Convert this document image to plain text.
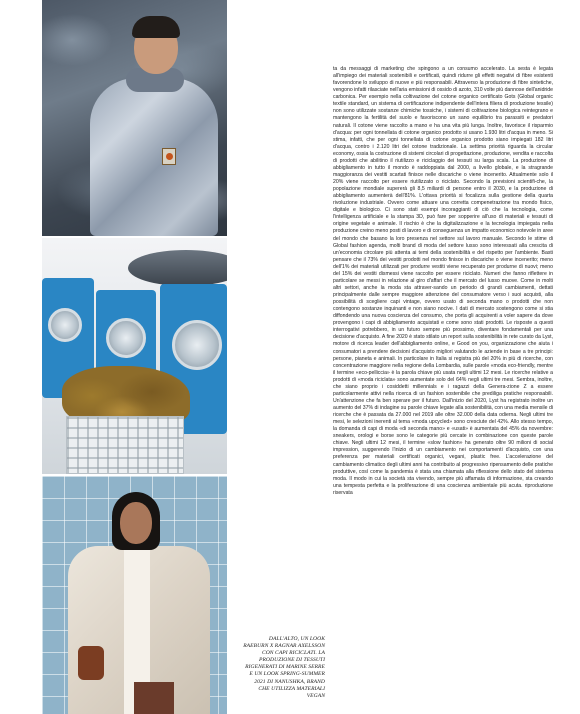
DALL'ALTO, UN LOOK RAEBURN X RAGNAR AXELSSON CON CAPI RICICLATI. LA PRODUZIONE DI TESSUTI RIGENERATI DI MARINE SERRE E UN LOOK SPRING-SUMMER 2021 DI NANUSHKA, BRAND CHE UTILIZZA MATERIALI VEGAN
ta da messaggi di marketing che spingono a un consumo accelerato. La sesta è legata all'impiego dei materiali sostenibili e certificati, quindi ridurre gli effetti negativi di fibre esistenti favorendone lo sviluppo di nuove e più responsabili. Attraverso la produzione di fibre sintetiche, vengono infatti rilasciate nell'aria emissioni di ossido di azoto, 310 volte più dannose dell'anidride carbonica. Per esempio nella coltivazione del cotone organico certificato Gots (Global organic textile standard, un sistema di certificazione indipendente dell'intera filiera di produzione tessile) non sono utilizzate sostanze chimiche tossiche, i sistemi di coltivazione biologica reintegrano e mantengono la fertilità del suolo e favoriscono un sano equilibrio tra parassiti e predatori naturali. Il cotone viene raccolto a mano e ha una vita più lunga. Inoltre, favorisce il risparmio d'acqua: per ogni tonnellata di cotone organico prodotto si usano 1.930 litri d'acqua in meno. Si stima, infatti, che per ogni tonnellata di cotone organico prodotto siano impiegati 182 litri d'acqua, contro i 2.120 litri del cotone tradizionale. La settima priorità riguarda la circular economy, ossia la costruzione di sistemi circolari di progettazione, produzione, vendita e raccolta di prodotti che abilitino il riutilizzo e riciclaggio dei tessuti su larga scala. La produzione di abbigliamento in tutto il mondo è raddoppiata dal 2000, a livello globale, e la stragrande maggioranza dei vestiti scartati finisce nelle discariche o viene incenerito. Attualmente solo il 20% viene raccolto per essere riutilizzato o riciclato. Secondo la previsioni scientifi-che, la popolazione mondiale supererà gli 8,5 miliardi di persone entro il 2030, e la produzione di abbigliamento aumenterà dell'81%. L'ottava priorità si focalizza sulla gestione della quarta rivoluzione industriale. Ovvero come attuare una corretta compenetrazione tra mondo fisico, digitale e biologico. Ci sono stati esempi incoraggianti di ciò che la tecnologia, come l'intelligenza artificiale e la stampa 3D, può fare per sopperire all'uso di materiali e tessuti di origine vegetale e animale. Il rischio è che la digitalizzazione e la tecnologia impiegata nella produzione creino meno posti di lavoro e di conseguenza un impatto economico notevole in aree del mondo che basano la loro presenza nel settore sul lavoro manuale. Secondo le stime di Global fashion agenda, molti brand di moda del settore lusso sono interessati alla crescita di un'economia circolare più attenta ai temi della sostenibilità e del rispetto per l'ambiente. Basti pensare che il 73% dei vestiti prodotti nel mondo finisce in discariche o viene incenerito; meno dell'1% dei materiali utilizzati per produrre vestiti viene recuperato per produrne di nuovi; meno del 15% dei vestiti dismessi viene raccolto per essere riciclato. Numeri che fanno riflettere in particolare se messi in relazione al giro d'affari che il mercato del lusso muove. Come in molti altri settori, anche la moda sta attraver-sando un periodo di grandi cambiamenti, dettati principalmente dalle sempre maggiore attenzione del consumatore verso i suoi acquisti, alla possibilità di scegliere capi vintage, ovvero usato di seconda mano o prodotti che non contengono sostanze inquinanti e non siano nocive. I dati di mercato sostengono come si stia diffondendo una nuova coscienza del consumo, che porta gli acquirenti a voler sapere da dove provengono i capi di abbigliamento acquistati e come sono stati prodotti. Le risposte a questi interrogativi potrebbero, in un futuro sempre più prossimo, diventare fondamentali per una decisione d'acquisto. A fine 2020 è stato stilato un report sulla sostenibilità in rete curato da Lyst, motore di ricerca leader dell'abbigliamento online, e Good on you, organizzazione che aiuta i consumatori a prendere decisioni d'acquisto migliori valutando le aziende in base a tre principi: persone, pianeta e animali. In particolare in Italia si registra più del 20% in più di ricerche, con concentrazione maggiore nella regione della Lombardia, sulle parole «moda eco-friendly, mentre il termine «eco-pelliccia» è la parola chiave più usata negli ultimi 12 mesi. Le ricerche relative a prodotti di «moda riciclata» sono aumentate solo del 64% negli ultimi tre mesi. Sembra, inoltre, che siano proprio i cosiddetti millennials e i ragazzi della Genera-zione Z a essere particolarmente attivi nella ricerca di un fashion sostenibile che prediliga pratiche responsabili. Un'attenzione che fa ben sperare per il futuro. Dall'inizio del 2020, Lyst ha registrato inoltre un aumento del 37% di indagine su parole chiave legate alla sostenibilità, con una media mensile di ricerche che è passata da 27.000 nel 2019 alle oltre 32.000 della data odierna. Negli ultimi tre mesi, le selezioni inerenti al tema «moda upcycled» sono cresciute del 42%. Allo stesso tempo, la domanda di capi di moda «di seconda mano» e «usati» è aumentata del 45% da novembre: sneakers, orologi e borse sono le categorie più cercate in combinazione con queste parole chiave. Negli ultimi 12 mesi, il termine «slow fashion» ha generato oltre 90 milioni di social impression, suggerendo l'inizio di un cambiamento nei comportamenti d'acquisto, con una preferenza per materiali certificati organici, vegani, plastic free. L'accelerazione del cambiamento climatico degli ultimi anni ha contribuito al progressivo ripensamento delle pratiche produttive, così come la pandemia è stata una chiamata alla riflessione dello stato del sistema moda. Il modo in cui la società sta vivendo, sempre più affamata di informazione, sta creando una tempesta perfetta e la proliferazione di una coscienza ambientale più acuta. riproduzione riservata
